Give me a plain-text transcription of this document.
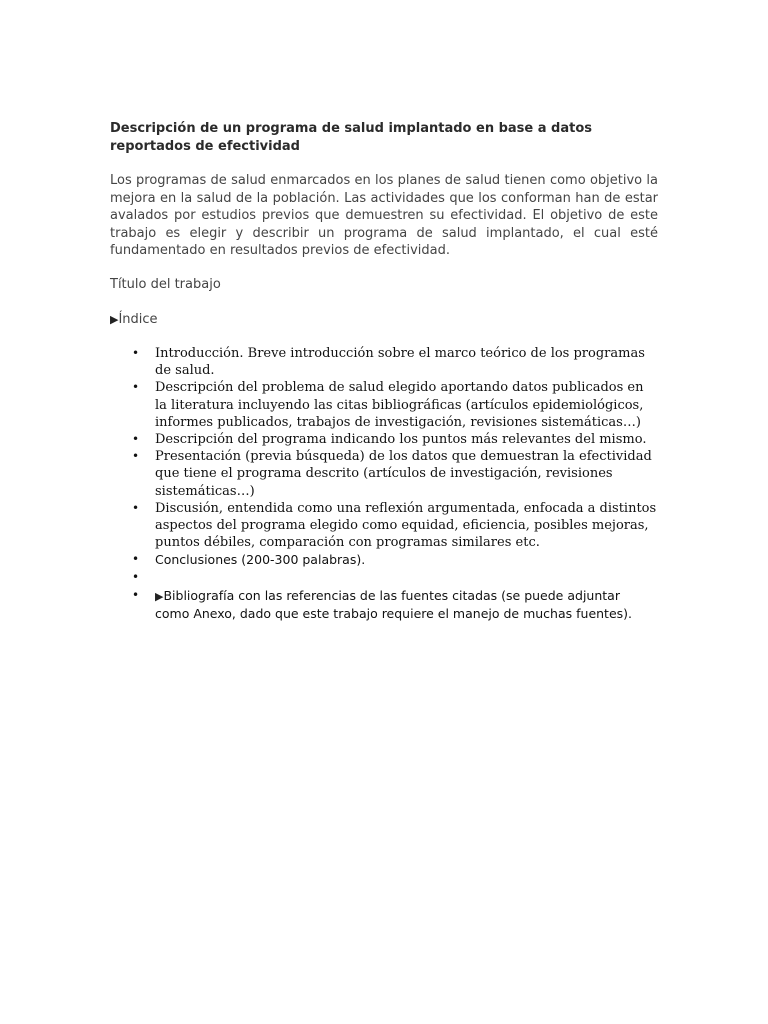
Descripción de un programa de salud implantado en base a datos reportados de efectividad

Los programas de salud enmarcados en los planes de salud tienen como objetivo la mejora en la salud de la población. Las actividades que los conforman han de estar avalados por estudios previos que demuestren su efectividad. El objetivo de este trabajo es elegir y describir un programa de salud implantado, el cual esté fundamentado en resultados previos de efectividad.

Título del trabajo

▶Índice

• Introducción. Breve introducción sobre el marco teórico de los programas de salud.
• Descripción del problema de salud elegido aportando datos publicados en la literatura incluyendo las citas bibliográficas (artículos epidemiológicos, informes publicados, trabajos de investigación, revisiones sistemáticas…)
• Descripción del programa indicando los puntos más relevantes del mismo.
• Presentación (previa búsqueda) de los datos que demuestran la efectividad que tiene el programa descrito (artículos de investigación, revisiones sistemáticas…)
• Discusión, entendida como una reflexión argumentada, enfocada a distintos aspectos del programa elegido como equidad, eficiencia, posibles mejoras, puntos débiles, comparación con programas similares etc.
• Conclusiones (200-300 palabras).
•
• ▶Bibliografía con las referencias de las fuentes citadas (se puede adjuntar como Anexo, dado que este trabajo requiere el manejo de muchas fuentes).
